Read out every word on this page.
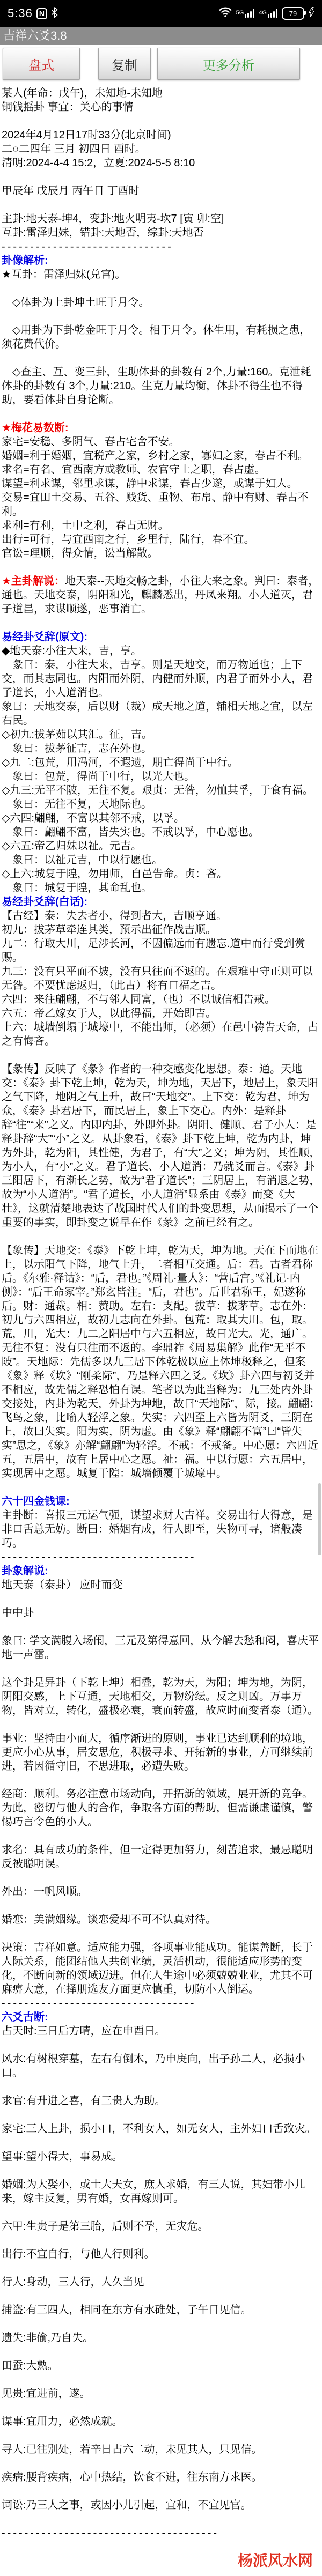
5:36 N	5G	4G	79
吉祥六爻3.8
盘式	复制	更多分析
某人(年命：戊午)，未知地-未知地
铜钱摇卦 事宜：关心的事情

2024年4月12日17时33分(北京时间)
二○二四年 三月 初四日 酉时。
清明:2024-4-4 15:2，立夏:2024-5-5 8:10

甲辰年 戊辰月 丙午日 丁酉时

主卦:地天泰-坤4，变卦:地火明夷-坎7 [寅 卯:空]
互卦:雷泽归妹，错卦:天地否，综卦:天地否
------------------------------
卦像解析:
★互卦：雷泽归妹(兑宫)。

　◇体卦为上卦坤土旺于月令。

　◇用卦为下卦乾金旺于月令。相于月令。体生用，有耗损之患，须花费代价。

　◇查主、互、变三卦，生助体卦的卦数有 2个,力量:160。克泄耗体卦的卦数有 3个,力量:210。生克力量均衡，体卦不得生也不得助，要看体卦自身论断。

★梅花易数断:
家宅=安稳、多阴气、春占宅舍不安。
婚姻=利于婚姻，宜税产之家，乡村之家，寡妇之家，春占不利。
求名=有名、宜西南方或教师、农官守土之职，春占虚。
谋望=利求谋，邻里求谋，静中求谋，春占少遂，或谋于妇人。
交易=宜田土交易、五谷、贱货、重物、布帛、静中有财、春占不利。
求利=有利，土中之利，春占无财。
出行=可行，与宜西南之行，乡里行，陆行，春不宜。
官讼=理顺，得众情，讼当解散。

★主卦解说：地天泰--天地交畅之卦，小往大来之象。判曰：泰者，通也。天地交泰，阴阳和光，麒麟悉出，丹凤来翔。小人道灭，君子道昌，求谋顺遂，恶事消亡。

易经卦爻辞(原文):
◆地天泰:小往大来，吉，亨。
　彖曰：泰，小往大来，吉亨。则是天地交，而万物通也；上下交，而其志同也。内阳而外阴，内健而外顺，内君子而外小人，君子道长，小人道消也。
象曰：天地交泰，后以财（裁）成天地之道，辅相天地之宜，以左右民。
◇初九:拔茅茹以其汇。征，吉。
　象曰：拔茅征吉，志在外也。
◇九二:包荒，用冯河，不遐遗，朋亡得尚于中行。
　象曰：包荒，得尚于中行，以光大也。
◇九三:无平不陂，无往不复。艰贞：无咎，勿恤其孚，于食有福。
　象曰：无往不复，天地际也。
◇六四:翩翩，不富以其邻不戒，以孚。
　象曰：翩翩不富，皆失实也。不戒以孚，中心愿也。
◇六五:帝乙归妹以祉。元吉。
　象曰：以祉元吉，中以行愿也。
◇上六:城复于隍，勿用师，自邑告命。贞：吝。
　象曰：城复于隍，其命乱也。
易经卦爻辞(白话):
【古经】泰：失去者小，得到者大，吉顺亨通。
初九：拔茅草牵连其类，预示出征作战吉顺。
九二：行取大川，足涉长河，不因偏远而有遗忘.道中而行受到赏赐。
九三：没有只平而不坡，没有只往而不返的。在艰难中守正则可以无咎。不要忧虑返归，（此占）将有口福之吉。
六四：来往翩翩，不与邻人同富，（也）不以诚信相告戒。
六五：帝乙嫁女于人，以此得福，开始即吉。
上六：城墙倒塌于城壕中，不能出师，（必须）在邑中祷告天命，占之有悔吝。

【彖传】反映了《彖》作者的一种交感变化思想。泰：通。天地交：《泰》卦下乾上坤，乾为天，坤为地，天居下，地居上，象天阳之气下降，地阴之气上升，故曰“天地交”。上下交：乾为君，坤为众，《泰》卦君居下，而民居上，象上下交心。内外：是释卦辞“往”“来”之义。内即内卦，外即外卦。阴阳、健顺、君子小人：是释卦辞“大”“小”之义。从卦象看，《泰》卦下乾上坤，乾为内卦，坤为外卦，乾为阳，其性健，为君子，有“大”之义；坤为阴，其性顺，为小人，有“小”之义。君子道长、小人道消：乃就爻而言。《泰》卦三阳居下，有渐长之势，故为“君子道长”；三阴居上，有消退之势，故为“小人道消”。“君子道长，小人道消”显系由《泰》而变《大壮》，这就清楚地表达了战国时代人们的卦变思想，从而揭示了一个重要的事实，即卦变之说早在作《彖》之前已经有之。

【象传】天地交：《泰》下乾上坤，乾为天，坤为地。天在下而地在上，以示阳气下降，地气上升，二者相互交通。后：君。古者君称后。《尔雅·释诂》：“后，君也。”《周礼·量人》：“营后宫。”《礼记·内侧》：“后王命冢宰。”郑玄皆注。“后，君也”。后世君称王，妃遂称后。财：通裁。相：赞助。左右：支配。拔草：拔茅草。志在外：初九与六四相应，故初九志向在外卦。包荒：取其大川。包，取。荒，川，光大：九二之阳居中与六五相应，故曰光大。光，通广。无往不复：没有只往而不返的。李鼎祚《周易集解》此作“无平不陂”。天地际：先儒多以九三居下体乾极以应上体坤极释之，但案《象》释《坎》“刚柔际”，乃是释六四之爻。《坎》卦六四与初爻并不相应，故先儒之释恐怕有误。笔者以为此当释为：九三处内外卦交接处，内卦为乾天，外卦为坤地，故曰“天地际”，际，接。翩翩：飞鸟之象，比喻人轻浮之象。失实：六四至上六皆为阴爻，三阴在上，故曰失实。阳为实，阴为虚。由《象》释“翩翩不富”曰“皆失实”思之，《象》亦解“翩翩”为轻浮。不戒：不戒备。中心愿：六四近五，五居中，故有上居中心之愿。祉：福。中以行愿：六五居中，实现居中之愿。城复于隍：城墙倾覆于城壕中。

六十四金钱课:
主卦断：喜报三元运气强，谋望求财大吉祥。交易出行大得意，是非口舌总无妨。断曰：婚姻有成，行人即至，失物可寻，诸般凑巧。
----------------------------------
卦象解说:
地天泰（泰卦） 应时而变

中中卦

象曰: 学文满腹入场闱，三元及第得意回，从今解去愁和闷，喜庆平地一声雷。

这个卦是异卦（下乾上坤）相叠，乾为天，为阳；坤为地，为阴，阴阳交感，上下互通，天地相交，万物纷纭。反之则凶。万事万物，皆对立，转化，盛极必衰，衰而转盛，故应时而变者泰（通）。

事业：坚持由小而大，循序渐进的原则，事业已达到顺利的境地，更应小心从事，居安思危，积极寻求、开拓新的事业，方可继续前进，若因循守旧，不思进取，必遭失败。

经商：顺利。务必注意市场动向，开拓新的领域，展开新的竞争。为此，密切与他人的合作，争取各方面的帮助，但需谦虚谨慎，警惕巧言令色的小人。

求名：具有成功的条件，但一定得更加努力，刻苦追求，最忌聪明反被聪明误。

外出：一帆风顺。

婚恋：美满姻缘。谈恋爱却不可不认真对待。

决策：吉祥如意。适应能力强，各项事业能成功。能谋善断，长于人际关系，能团结他人共创业绩，灵活机动，很能适应形势的变化，不断向新的领域迈进。但在人生途中必须兢兢业业，尤其不可麻痹大意，在择朋选友方面更应慎重，切防小人倒运。
----------------------------------
六爻古断:
占天时:三日后方晴，应在申酉日。

风水:有树根穿墓，左右有倒木，乃申庚向，出子孙二人，必损小口。

求官:有升进之喜，有三贵人为助。

家宅:三人上卦，损小口，不利女人，如无女人，主外妇口舌致灾。

望事:望小得大，事易成。

婚姻:为大娶小，或士大夫女，庶人求婚，有三人说，其妇带小儿来，嫁主反复，男有婚，女再嫁则可。

六甲:生贵子是第三胎，后则不孕，无灾危。

出行:不宜自行，与他人行则利。

行人:身动，三人行，人久当见

捕盗:有三四人，相同在东方有水碓处，子午日见信。

遗失:非偷,乃自失。

田蚕:大熟。

见贵:宜进前，遂。

谋事:宜用力，必然成就。

寻人:已往别处，若辛日占六二动，未见其人，只见信。

疾病:腰背疾病，心中热结，饮食不进，往东南方求医。

词讼:乃三人之事，或因小儿引起，宜和，不宜见官。

--------------------------------------

杨派风水网
